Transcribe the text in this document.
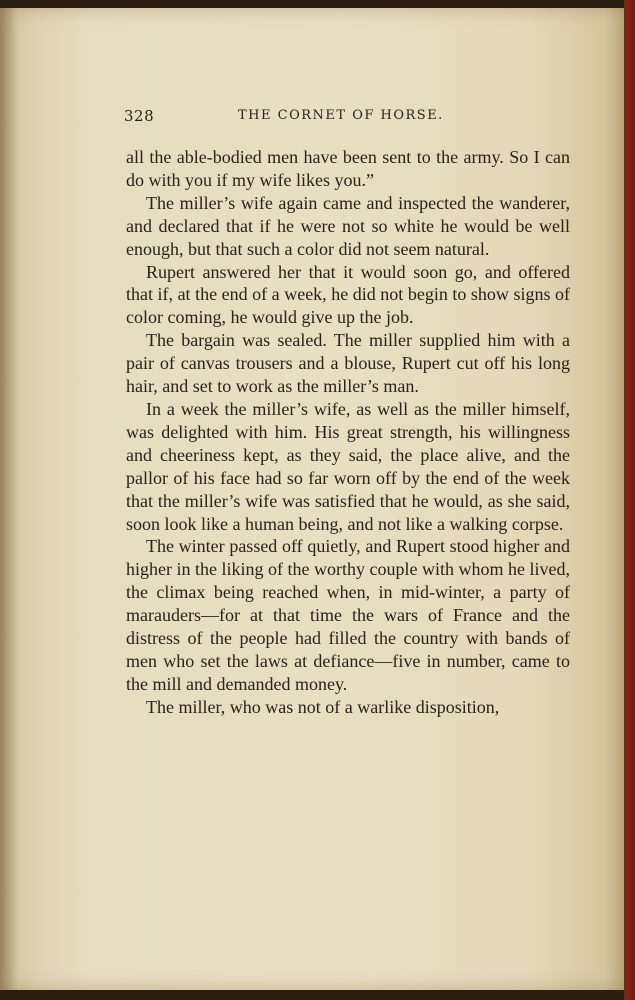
328	THE CORNET OF HORSE.

all the able-bodied men have been sent to the army. So I can do with you if my wife likes you.”

The miller’s wife again came and inspected the wanderer, and declared that if he were not so white he would be well enough, but that such a color did not seem natural.

Rupert answered her that it would soon go, and offered that if, at the end of a week, he did not begin to show signs of color coming, he would give up the job.

The bargain was sealed. The miller supplied him with a pair of canvas trousers and a blouse, Rupert cut off his long hair, and set to work as the miller’s man.

In a week the miller’s wife, as well as the miller himself, was delighted with him. His great strength, his willingness and cheeriness kept, as they said, the place alive, and the pallor of his face had so far worn off by the end of the week that the miller’s wife was satisfied that he would, as she said, soon look like a human being, and not like a walking corpse.

The winter passed off quietly, and Rupert stood higher and higher in the liking of the worthy couple with whom he lived, the climax being reached when, in mid-winter, a party of marauders—for at that time the wars of France and the distress of the people had filled the country with bands of men who set the laws at defiance—five in number, came to the mill and demanded money.

The miller, who was not of a warlike disposition,
